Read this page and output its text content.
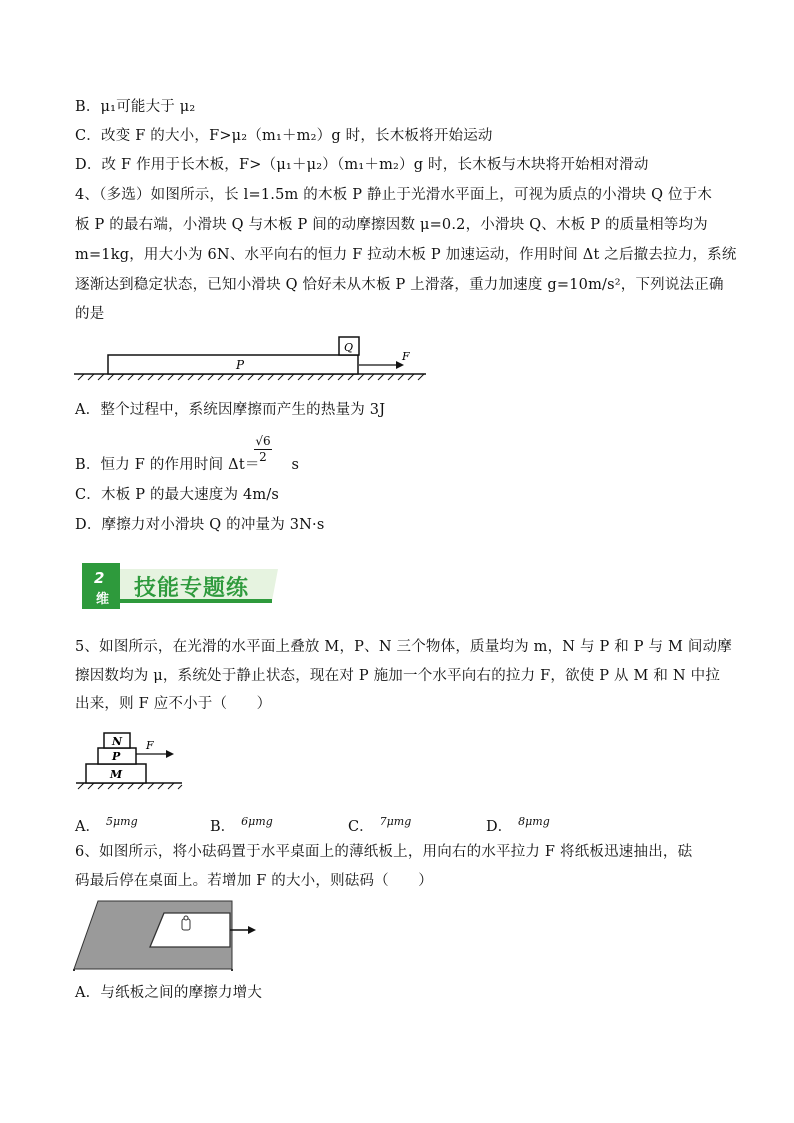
B．μ₁可能大于 μ₂
C．改变 F 的大小，F>μ₂（m₁＋m₂）g 时，长木板将开始运动
D．改 F 作用于长木板，F>（μ₁＋μ₂）（m₁＋m₂）g 时，长木板与木块将开始相对滑动
4、（多选）如图所示，长 l=1.5m 的木板 P 静止于光滑水平面上，可视为质点的小滑块 Q 位于木
板 P 的最右端，小滑块 Q 与木板 P 间的动摩擦因数 μ=0.2，小滑块 Q、木板 P 的质量相等均为
m=1kg，用大小为 6N、水平向右的恒力 F 拉动木板 P 加速运动，作用时间 Δt 之后撤去拉力，系统
逐渐达到稳定状态，已知小滑块 Q 恰好未从木板 P 上滑落，重力加速度 g=10m/s²，下列说法正确
的是
P
Q
F
A．整个过程中，系统因摩擦而产生的热量为 3J
B．恒力 F 的作用时间 Δt＝ s
$\frac{√6}{2}$
C．木板 P 的最大速度为 4m/s
D．摩擦力对小滑块 Q 的冲量为 3N·s
2
维 技能专题练
5、如图所示，在光滑的水平面上叠放 M，P、N 三个物体，质量均为 m，N 与 P 和 P 与 M 间动摩
擦因数均为 μ，系统处于静止状态，现在对 P 施加一个水平向右的拉力 F，欲使 P 从 M 和 N 中拉
出来，则 F 应不小于（　　）
N
P
M
F
A． $^{5\mu mg}$	B． $^{6\mu mg}$	C． $^{7\mu mg}$	D． $^{8\mu mg}$
6、如图所示，将小砝码置于水平桌面上的薄纸板上，用向右的水平拉力 F 将纸板迅速抽出，砝
码最后停在桌面上。若增加 F 的大小，则砝码（　　）
A．与纸板之间的摩擦力增大
